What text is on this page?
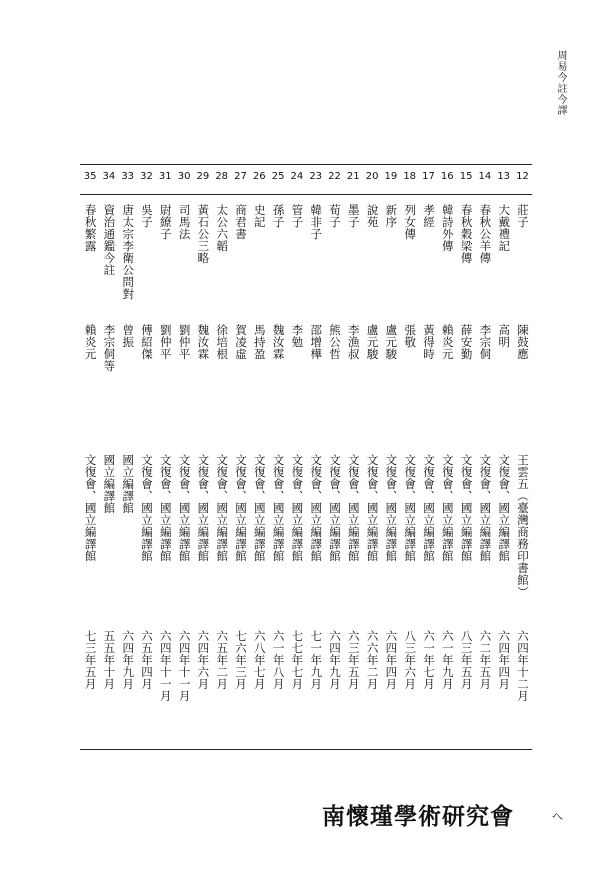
周易今註今譯
12
莊子
陳鼓應
王雲五（臺灣商務印書館）
六四年十二月
13
大戴禮記
高明
文復會、國立編譯館
六四年四月
14
春秋公羊傳
李宗侗
文復會、國立編譯館
六二年五月
15
春秋穀梁傳
薛安勤
文復會、國立編譯館
八三年五月
16
韓詩外傳
賴炎元
文復會、國立編譯館
六一年九月
17
孝經
黃得時
文復會、國立編譯館
六一年七月
18
列女傳
張敬
文復會、國立編譯館
八三年六月
19
新序
盧元駿
文復會、國立編譯館
六四年四月
20
說苑
盧元駿
文復會、國立編譯館
六六年二月
21
墨子
李漁叔
文復會、國立編譯館
六三年五月
22
荀子
熊公哲
文復會、國立編譯館
六四年九月
23
韓非子
邵增樺
文復會、國立編譯館
七一年九月
24
管子
李勉
文復會、國立編譯館
七七年七月
25
孫子
魏汝霖
文復會、國立編譯館
六一年八月
26
史記
馬持盈
文復會、國立編譯館
六八年七月
27
商君書
賀凌虛
文復會、國立編譯館
七六年三月
28
太公六韜
徐培根
文復會、國立編譯館
六五年二月
29
黃石公三略
魏汝霖
文復會、國立編譯館
六四年六月
30
司馬法
劉仲平
文復會、國立編譯館
六四年十一月
31
尉繚子
劉仲平
文復會、國立編譯館
六四年十一月
32
吳子
傅紹傑
文復會、國立編譯館
六五年四月
33
唐太宗李衛公問對
曾振
國立編譯館
六四年九月
34
資治通鑑今註
李宗侗等
國立編譯館
五五年十月
35
春秋繁露
賴炎元
文復會、國立編譯館
七三年五月
南懷瑾學術研究會	へ
